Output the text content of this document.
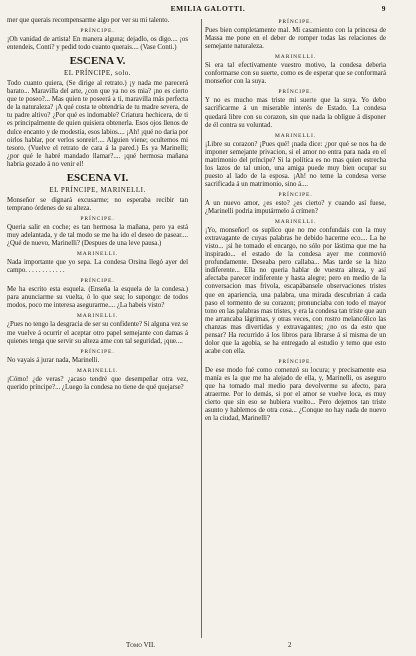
EMILIA GALOTTI.	9

mer que querais recompensarme algo por ver su mi talento.

PRÍNCIPE.

¡Oh vanidad de artista! En manera alguna; dejadlo, os digo.... ¡os entendeis, Conti? y pedid todo cuanto querais.... (Vase Conti.)

ESCENA V.
EL PRÍNCIPE, solo.

Todo cuanto quiera, (Se dirige al retrato.) ¡y nada me parecerá barato... Maravilla del arte, ¿con que ya no es mia? ¡no es cierto que te poseo?... Mas quien te poseerá a tí, maravilla más perfecta de la naturaleza? ¡A qué costa te obtendria de tu madre severa, de tu padre altivo? ¿Por qué es indomable? Criatura hechicera, de ti es principalmente de quien quisiera obtenerla. Esos ojos llenos de dulce encanto y de modestia, esos labios.... ¡Ah! ¡qué no daria por oirlos hablar, por verlos sonreir!.... Alguien viene; ocultemos mi tesoro. (Vuelve el retrato de cara á la pared.) Es ya Marinelli; ¿por qué le habré mandado llamar?.... ¡qué hermosa mañana habria gozado á no venir el!

ESCENA VI.
EL PRÍNCIPE, MARINELLI.

Monseñor se dignará excusarme; no esperaba recibir tan temprano órdenes de su alteza.

PRÍNCIPE.

Queria salir en coche; es tan hermosa la mañana, pero ya está muy adelantada, y de tal modo se me ha ido el deseo de pasear.... ¿Qué de nuevo, Marinelli? (Despues de una leve pausa.)

MARINELLI.

Nada importante que yo sepa. La condesa Orsina llegó ayer del campo. . . . . . . . . . . .

PRÍNCIPE.

Me ha escrito esta esquela. (Enseña la esquela de la condesa.) para anunciarme su vuelta, ó lo que sea; lo supongo: de todos modos, poco me interesa asegurarme.... ¿La habeis visto?

MARINELLI.

¿Pues no tengo la desgracia de ser su confidente? Si alguna vez se me vuelve á ocurrir el aceptar otro papel semejante con damas á quienes tenga que servir su alteza ame con tal seguridad, ¡que....

PRÍNCIPE.

No vayais á jurar nada, Marinelli.

MARINELLI.

¡Cómo! ¿de veras? ¿acaso tendré que desempeñar otra vez, querido príncipe?... ¿Luego la condesa no tiene de qué quejarse?

PRÍNCIPE.

Pues bien completamente mal. Mi casamiento con la princesa de Massa me pone en el deber de romper todas las relaciones de semejante naturaleza.

MARINELLI.

Si era tal efectivamente vuestro motivo, la condesa deberia conformarse con su suerte, como es de esperar que se conformará monseñor con la suya.

PRÍNCIPE.

Y no es mucho mas triste mi suerte que la suya. Yo debo sacrificarme á un miserable interés de Estado. La condesa quedará libre con su corazon, sin que nada la obligue á disponer de él contra su voluntad.

MARINELLI.

¡Libre su corazon? ¡Pues qué! ¡nada dice: ¿por qué se nos ha de imponer semejante privacion, si el amor no entra para nada en el matrimonio del príncipe? Si la política es no mas quien estrecha los lazos de tal union, una amiga puede muy bien ocupar su puesto al lado de la esposa. ¡Ah! no teme la condesa verse sacrificada á un matrimonio, sino á....

PRÍNCIPE.

A un nuevo amor, ¿es esto? ¿es cierto? y cuando así fuese, ¿Marinelli podria imputármelo á crímen?

MARINELLI.

¡Yo, monseñor! os suplico que no me confundais con la muy extravagante de cuyas palabras he debido hacerme eco.... La he visto... ¡si he tomado el encargo, no sólo por lástima que me ha inspirado... el estado de la condesa ayer me conmovió profundamente. Deseaba pero callaba... Mas tarde se la hizo indiferente... Ella no queria hablar de vuestra alteza, y así afectaba parecer indiferente y hasta alegre; pero en medio de la conversacion mas frivola, escapábansele observaciones tristes que en apariencia, una palabra, una mirada descubrian á cada paso el tormento de su corazon; pronunciaba con todo el mayor tono en las palabras mas tristes, y era la condesa tan triste que aun me arrancaba lágrimas, y otras veces, con rostro melancólico las chanzas mas divertidas y extravagantes; ¿no os da esto que pensar? Ha recurrido á los libros para librarse á sí misma de un dolor que la agobia, se ha entregado al estudio y temo que esto acabe con ella.

PRÍNCIPE.

De ese modo fué como comenzó su locura; y precisamente esa manía es la que me ha alejado de ella, y, Marinelli, os aseguro que ha tomado mal medio para devolverme su afecto, para atraerme. Por lo demás, si por el amor se vuelve loca, es muy cierto que sin eso se hubiera vuelto... Pero dejemos tan triste asunto y hablemos de otra cosa... ¿Conque no hay nada de nuevo en la ciudad, Marinelli?

Tomo VII.	2
